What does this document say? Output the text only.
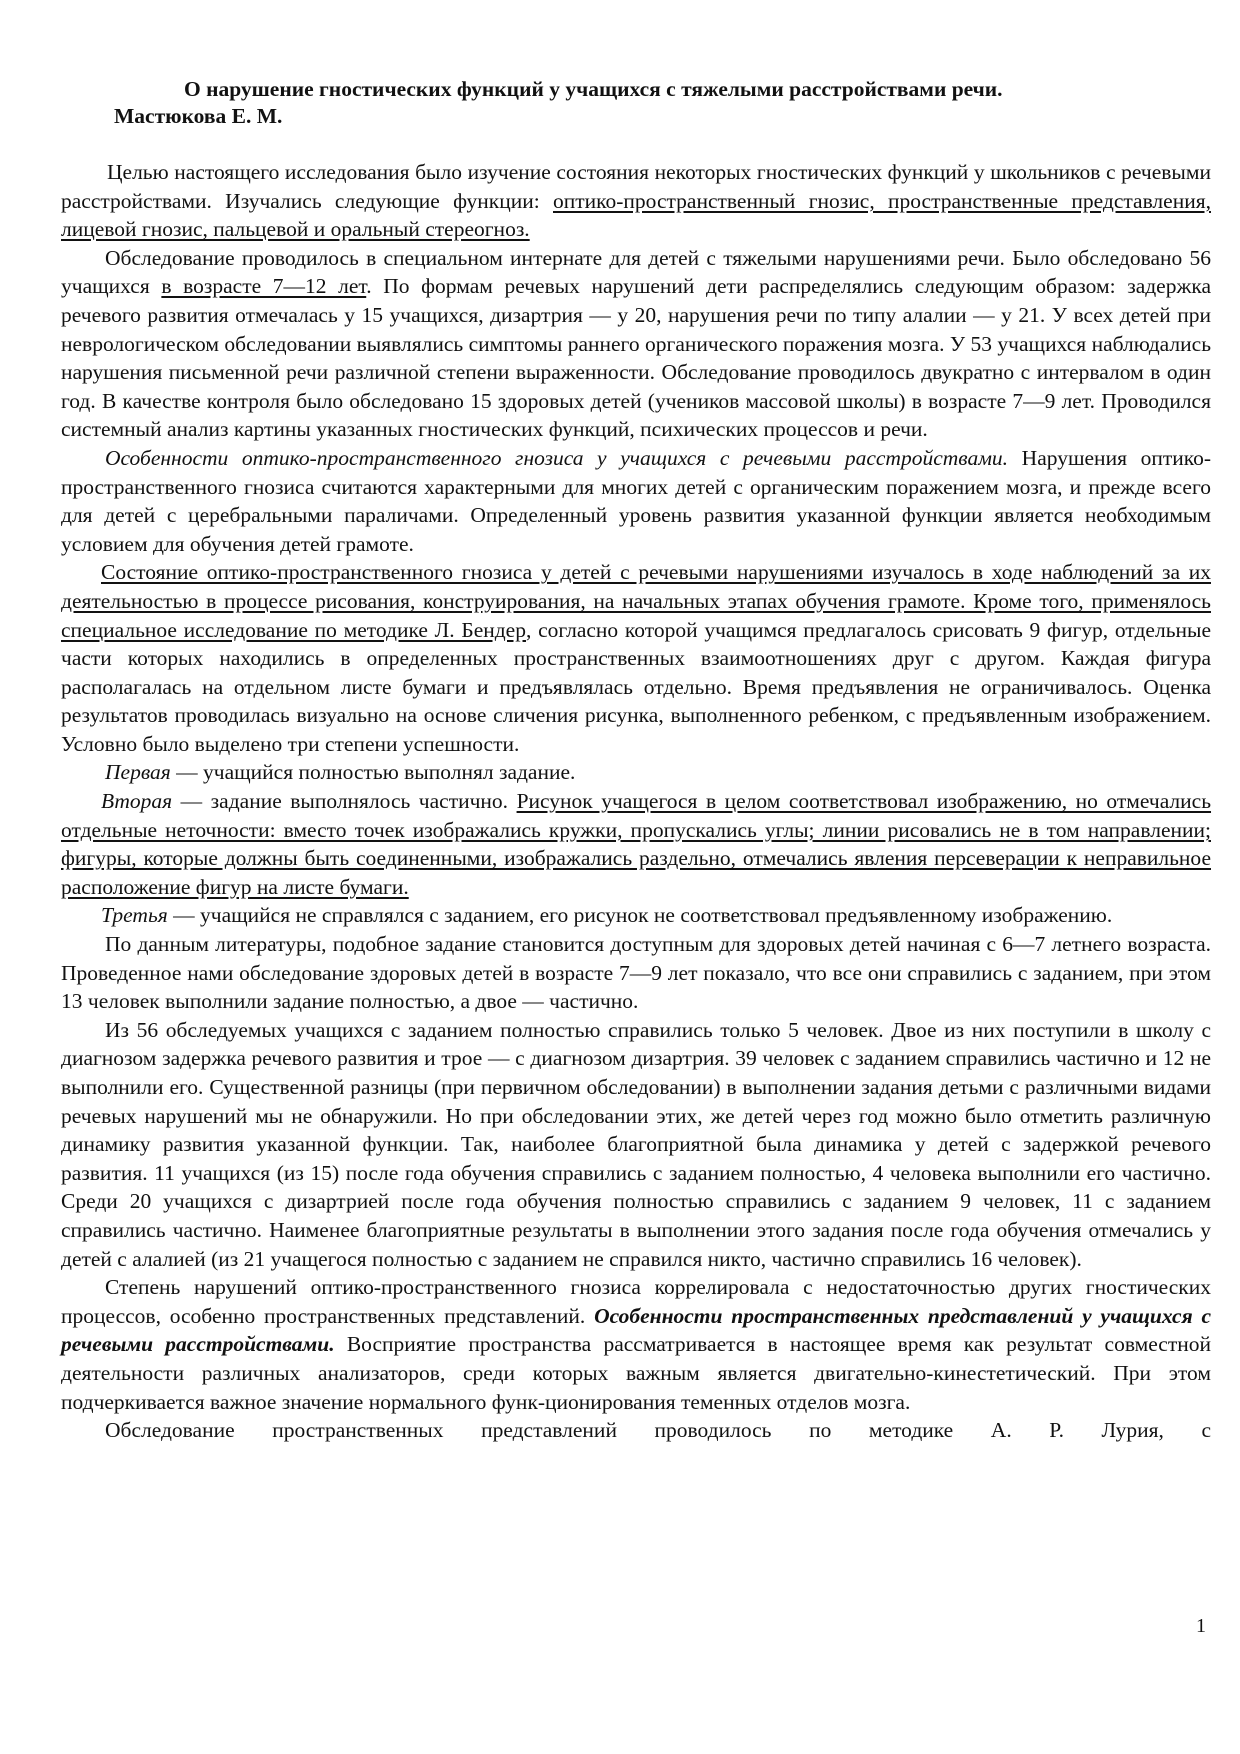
О нарушение гностических функций у учащихся с тяжелыми расстройствами речи.
Мастюкова Е. М.

Целью настоящего исследования было изучение состояния некоторых гностических функций у школьников с речевыми расстройствами. Изучались следующие функции: оптико-пространственный гнозис, пространственные представления, лицевой гнозис, пальцевой и оральный стереогноз.

Обследование проводилось в специальном интернате для детей с тяжелыми нарушениями речи. Было обследовано 56 учащихся в возрасте 7—12 лет. По формам речевых нарушений дети распределялись следующим образом: задержка речевого развития отмечалась у 15 учащихся, дизартрия — у 20, нарушения речи по типу алалии — у 21. У всех детей при неврологическом обследовании выявлялись симптомы раннего органического поражения мозга. У 53 учащихся наблюдались нарушения письменной речи различной степени выраженности. Обследование проводилось двукратно с интервалом в один год. В качестве контроля было обследовано 15 здоровых детей (учеников массовой школы) в возрасте 7—9 лет. Проводился системный анализ картины указанных гностических функций, психических процессов и речи.

Особенности оптико-пространственного гнозиса у учащихся с речевыми расстройствами. Нарушения оптико-пространственного гнозиса считаются характерными для многих детей с органическим поражением мозга, и прежде всего для детей с церебральными параличами. Определенный уровень развития указанной функции является необходимым условием для обучения детей грамоте.

Состояние оптико-пространственного гнозиса у детей с речевыми нарушениями изучалось в ходе наблюдений за их деятельностью в процессе рисования, конструирования, на начальных этапах обучения грамоте. Кроме того, применялось специальное исследование по методике Л. Бендер, согласно которой учащимся предлагалось срисовать 9 фигур, отдельные части которых находились в определенных пространственных взаимоотношениях друг с другом. Каждая фигура располагалась на отдельном листе бумаги и предъявлялась отдельно. Время предъявления не ограничивалось. Оценка результатов проводилась визуально на основе сличения рисунка, выполненного ребенком, с предъявленным изображением. Условно было выделено три степени успешности.

Первая — учащийся полностью выполнял задание.

Вторая — задание выполнялось частично. Рисунок учащегося в целом соответствовал изображению, но отмечались отдельные неточности: вместо точек изображались кружки, пропускались углы; линии рисовались не в том направлении; фигуры, которые должны быть соединенными, изображались раздельно, отмечались явления персеверации к неправильное расположение фигур на листе бумаги.

Третья — учащийся не справлялся с заданием, его рисунок не соответствовал предъявленному изображению.

По данным литературы, подобное задание становится доступным для здоровых детей начиная с 6—7 летнего возраста. Проведенное нами обследование здоровых детей в возрасте 7—9 лет показало, что все они справились с заданием, при этом 13 человек выполнили задание полностью, а двое — частично.

Из 56 обследуемых учащихся с заданием полностью справились только 5 человек. Двое из них поступили в школу с диагнозом задержка речевого развития и трое — с диагнозом дизартрия. 39 человек с заданием справились частично и 12 не выполнили его. Существенной разницы (при первичном обследовании) в выполнении задания детьми с различными видами речевых нарушений мы не обнаружили. Но при обследовании этих, же детей через год можно было отметить различную динамику развития указанной функции. Так, наиболее благоприятной была динамика у детей с задержкой речевого развития. 11 учащихся (из 15) после года обучения справились с заданием полностью, 4 человека выполнили его частично. Среди 20 учащихся с дизартрией после года обучения полностью справились с заданием 9 человек, 11 с заданием справились частично. Наименее благоприятные результаты в выполнении этого задания после года обучения отмечались у детей с алалией (из 21 учащегося полностью с заданием не справился никто, частично справились 16 человек).

Степень нарушений оптико-пространственного гнозиса коррелировала с недостаточностью других гностических процессов, особенно пространственных представлений. Особенности пространственных представлений у учащихся с речевыми расстройствами. Восприятие пространства рассматривается в настоящее время как результат совместной деятельности различных анализаторов, среди которых важным является двигательно-кинестетический. При этом подчеркивается важное значение нормального функ-ционирования теменных отделов мозга.

Обследование пространственных представлений проводилось по методике А. Р. Лурия, с

1
